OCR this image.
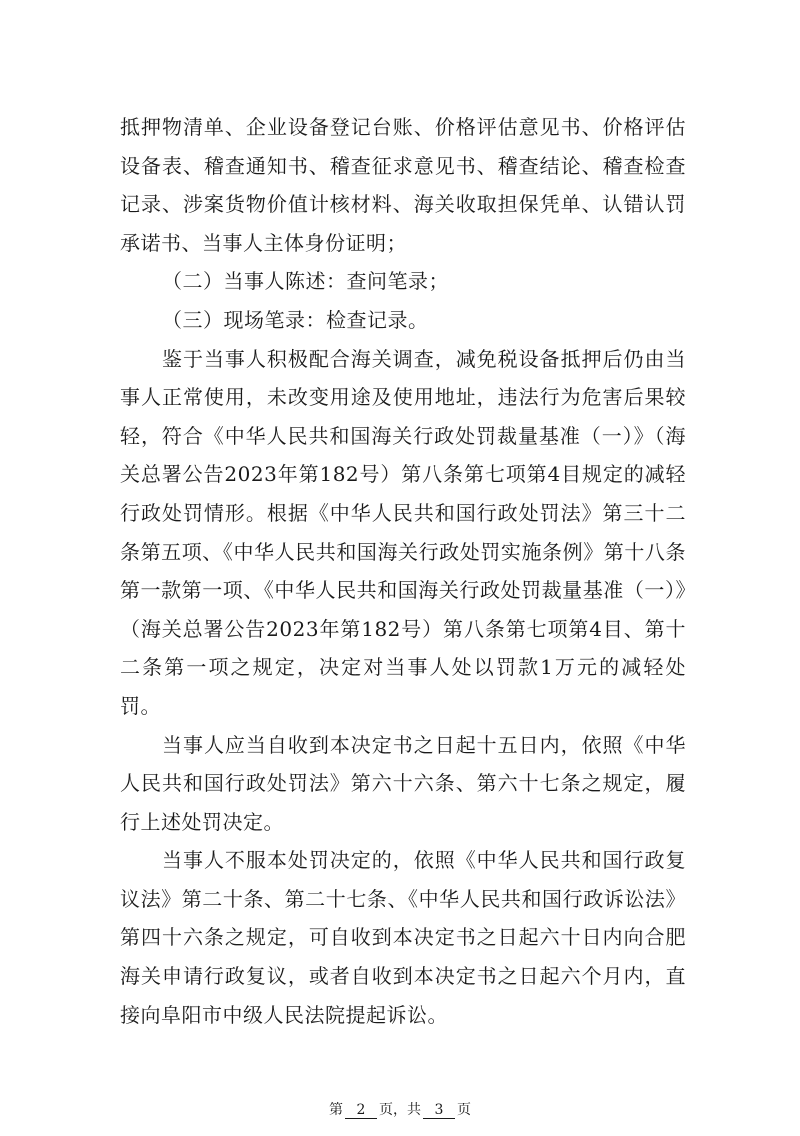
抵押物清单、企业设备登记台账、价格评估意见书、价格评估设备表、稽查通知书、稽查征求意见书、稽查结论、稽查检查记录、涉案货物价值计核材料、海关收取担保凭单、认错认罚承诺书、当事人主体身份证明；

（二）当事人陈述：查问笔录；

（三）现场笔录：检查记录。

鉴于当事人积极配合海关调查，减免税设备抵押后仍由当事人正常使用，未改变用途及使用地址，违法行为危害后果较轻，符合《中华人民共和国海关行政处罚裁量基准（一）》（海关总署公告2023年第182号）第八条第七项第4目规定的减轻行政处罚情形。根据《中华人民共和国行政处罚法》第三十二条第五项、《中华人民共和国海关行政处罚实施条例》第十八条第一款第一项、《中华人民共和国海关行政处罚裁量基准（一）》（海关总署公告2023年第182号）第八条第七项第4目、第十二条第一项之规定，决定对当事人处以罚款1万元的减轻处罚。

当事人应当自收到本决定书之日起十五日内，依照《中华人民共和国行政处罚法》第六十六条、第六十七条之规定，履行上述处罚决定。

当事人不服本处罚决定的，依照《中华人民共和国行政复议法》第二十条、第二十七条、《中华人民共和国行政诉讼法》第四十六条之规定，可自收到本决定书之日起六十日内向合肥海关申请行政复议，或者自收到本决定书之日起六个月内，直接向阜阳市中级人民法院提起诉讼。

第 2 页，共 3 页
